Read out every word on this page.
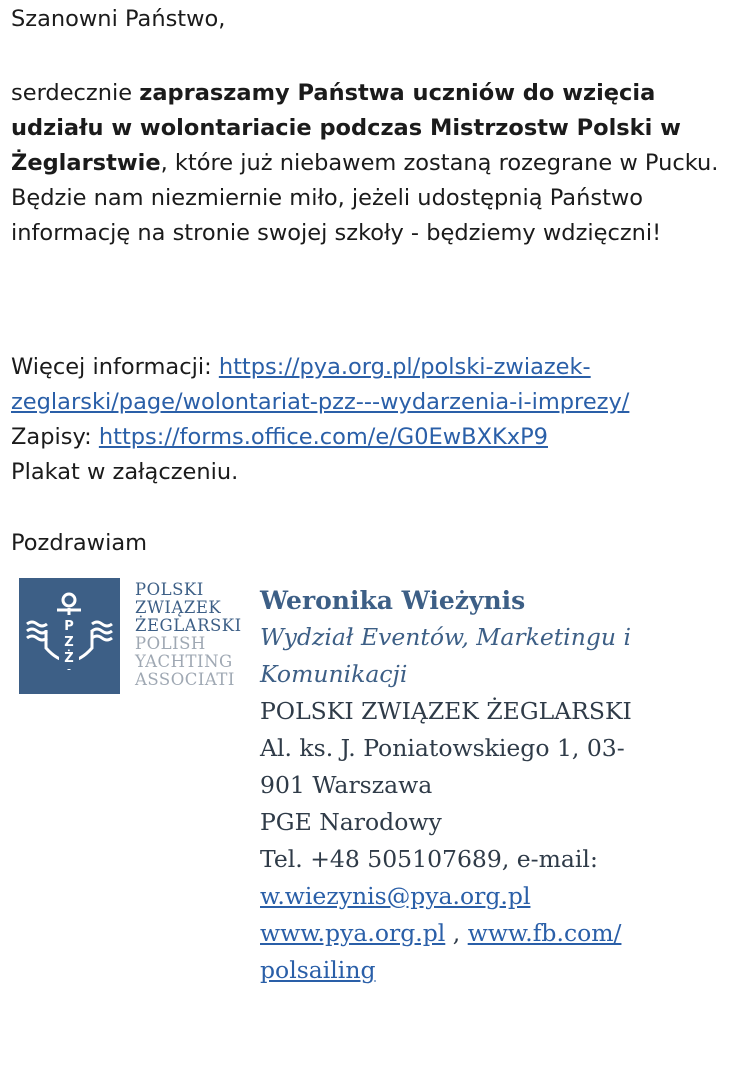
Szanowni Państwo,

serdecznie zapraszamy Państwa uczniów do wzięcia udziału w wolontariacie podczas Mistrzostw Polski w Żeglarstwie, które już niebawem zostaną rozegrane w Pucku.
Będzie nam niezmiernie miło, jeżeli udostępnią Państwo informację na stronie swojej szkoły - będziemy wdzięczni!

Więcej informacji: https://pya.org.pl/polski-zwiazek-zeglarski/page/wolontariat-pzz---wydarzenia-i-imprezy/
Zapisy: https://forms.office.com/e/G0EwBXKxP9
Plakat w załączeniu.

Pozdrawiam

P
Z
Ż
POLSKI
ZWIĄZEK
ŻEGLARSKI
POLISH
YACHTING
ASSOCIATI
Weronika Wieżynis
Wydział Eventów, Marketingu i
Komunikacji
POLSKI ZWIĄZEK ŻEGLARSKI
Al. ks. J. Poniatowskiego 1, 03-
901 Warszawa
PGE Narodowy
Tel. +48 505107689, e-mail:
w.wiezynis@pya.org.pl
www.pya.org.pl , www.fb.com/
polsailing
